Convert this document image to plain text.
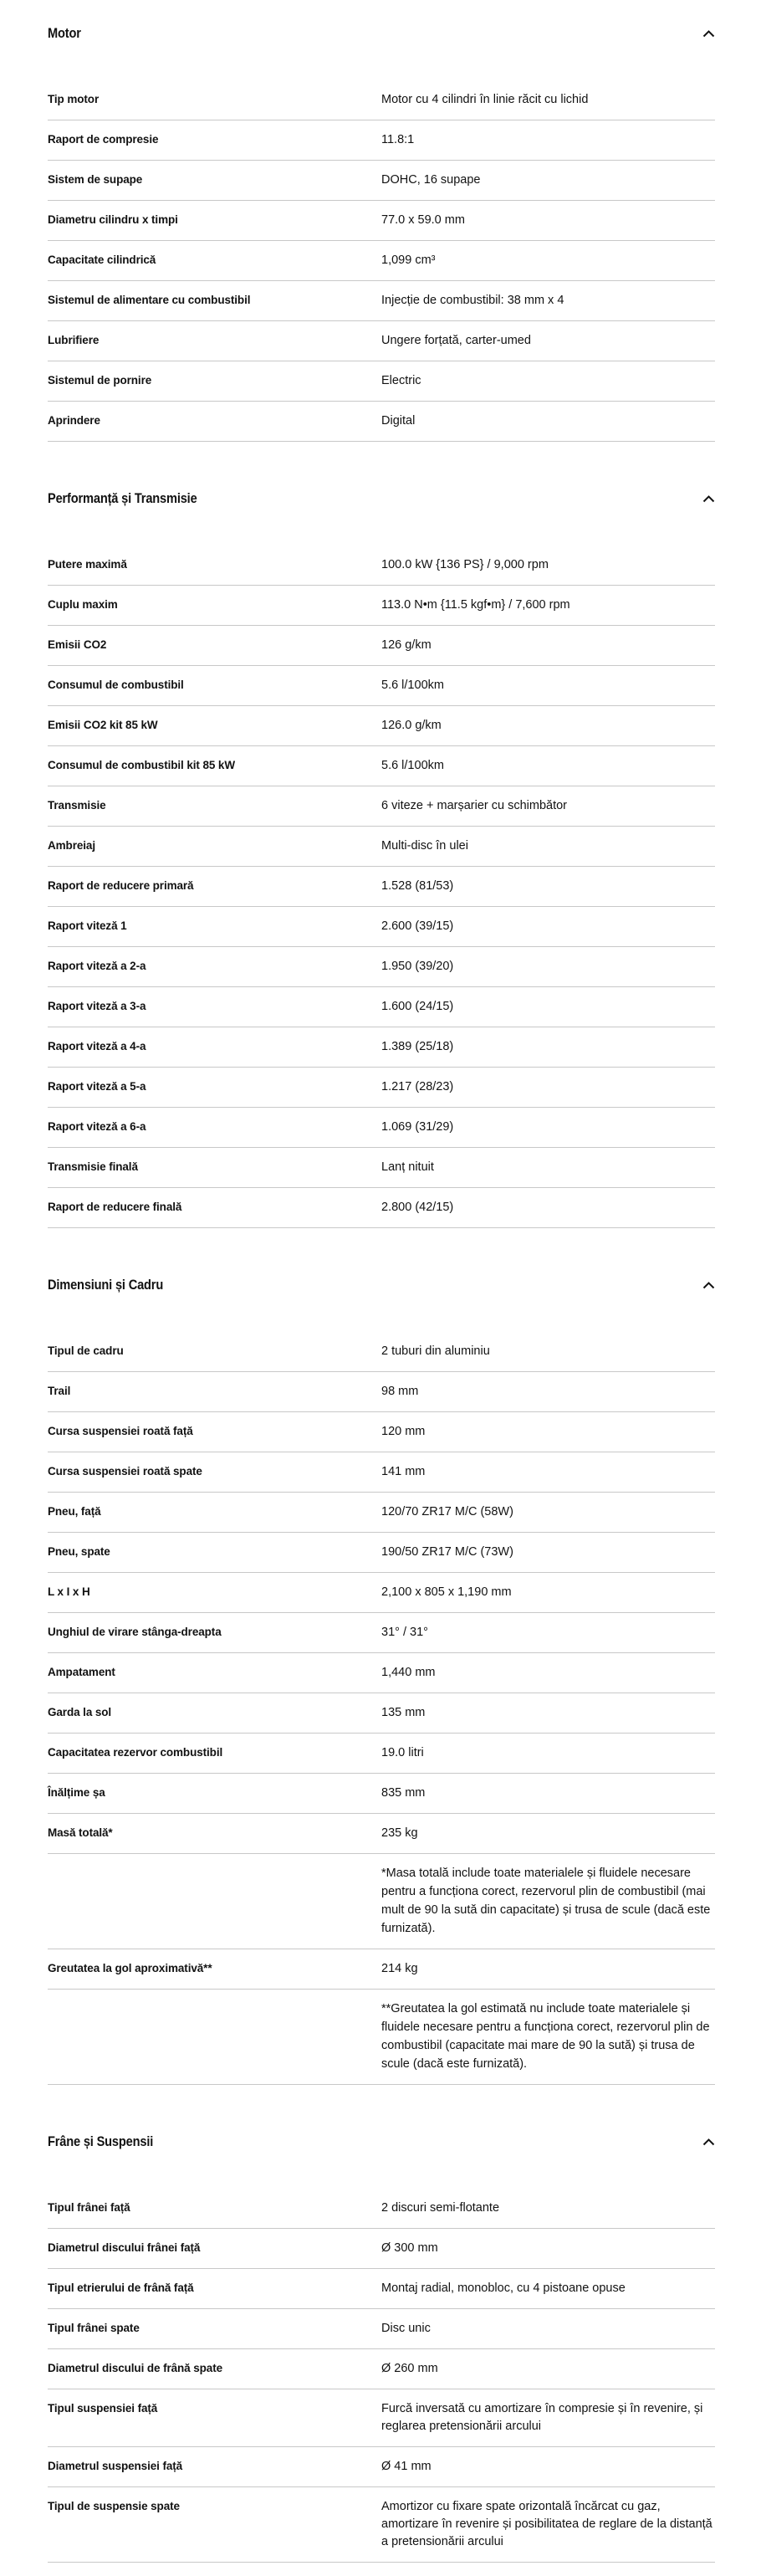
Motor
Tip motor	Motor cu 4 cilindri în linie răcit cu lichid
Raport de compresie	11.8:1
Sistem de supape	DOHC, 16 supape
Diametru cilindru x timpi	77.0 x 59.0 mm
Capacitate cilindrică	1,099 cm³
Sistemul de alimentare cu combustibil	Injecție de combustibil: 38 mm x 4
Lubrifiere	Ungere forțată, carter-umed
Sistemul de pornire	Electric
Aprindere	Digital
Performanță și Transmisie
Putere maximă	100.0 kW {136 PS} / 9,000 rpm
Cuplu maxim	113.0 N•m {11.5 kgf•m} / 7,600 rpm
Emisii CO2	126 g/km
Consumul de combustibil	5.6 l/100km
Emisii CO2 kit 85 kW	126.0 g/km
Consumul de combustibil kit 85 kW	5.6 l/100km
Transmisie	6 viteze + marșarier cu schimbător
Ambreiaj	Multi-disc în ulei
Raport de reducere primară	1.528 (81/53)
Raport viteză 1	2.600 (39/15)
Raport viteză a 2-a	1.950 (39/20)
Raport viteză a 3-a	1.600 (24/15)
Raport viteză a 4-a	1.389 (25/18)
Raport viteză a 5-a	1.217 (28/23)
Raport viteză a 6-a	1.069 (31/29)
Transmisie finală	Lanț nituit
Raport de reducere finală	2.800 (42/15)
Dimensiuni și Cadru
Tipul de cadru	2 tuburi din aluminiu
Trail	98 mm
Cursa suspensiei roată față	120 mm
Cursa suspensiei roată spate	141 mm
Pneu, față	120/70 ZR17 M/C (58W)
Pneu, spate	190/50 ZR17 M/C (73W)
L x I x H	2,100 x 805 x 1,190 mm
Unghiul de virare stânga-dreapta	31° / 31°
Ampatament	1,440 mm
Garda la sol	135 mm
Capacitatea rezervor combustibil	19.0 litri
Înălțime șa	835 mm
Masă totală*	235 kg
*Masa totală include toate materialele și fluidele necesare pentru a funcționa corect, rezervorul plin de combustibil (mai mult de 90 la sută din capacitate) și trusa de scule (dacă este furnizată).
Greutatea la gol aproximativă**	214 kg
**Greutatea la gol estimată nu include toate materialele și fluidele necesare pentru a funcționa corect, rezervorul plin de combustibil (capacitate mai mare de 90 la sută) și trusa de scule (dacă este furnizată).
Frâne și Suspensii
Tipul frânei față	2 discuri semi-flotante
Diametrul discului frânei față	Ø 300 mm
Tipul etrierului de frână față	Montaj radial, monobloc, cu 4 pistoane opuse
Tipul frânei spate	Disc unic
Diametrul discului de frână spate	Ø 260 mm
Tipul suspensiei față	Furcă inversată cu amortizare în compresie și în revenire, și reglarea pretensionării arcului
Diametrul suspensiei față	Ø 41 mm
Tipul de suspensie spate	Amortizor cu fixare spate orizontală încărcat cu gaz, amortizare în revenire și posibilitatea de reglare de la distanță a pretensionării arcului
